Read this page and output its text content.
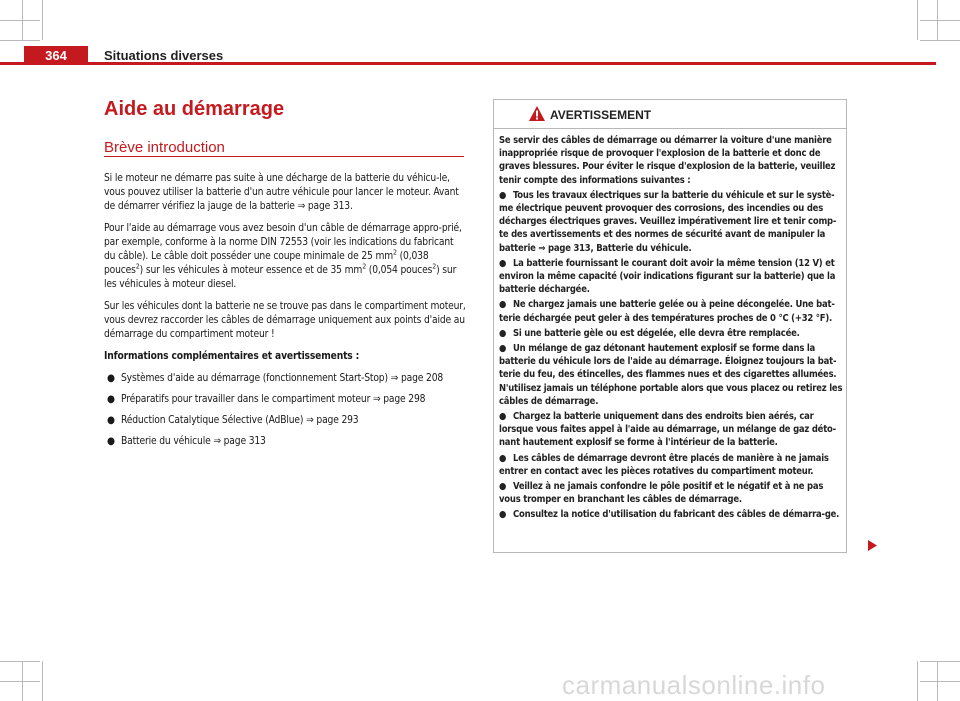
364	Situations diverses
Aide au démarrage
Brève introduction

Si le moteur ne démarre pas suite à une décharge de la batterie du véhicu-le, vous pouvez utiliser la batterie d'un autre véhicule pour lancer le moteur. Avant de démarrer vérifiez la jauge de la batterie ⇒ page 313.

Pour l'aide au démarrage vous avez besoin d'un câble de démarrage appro-prié, par exemple, conforme à la norme DIN 72553 (voir les indications du fabricant du câble). Le câble doit posséder une coupe minimale de 25 $mm^2$ (0,038 pouces$^2$) sur les véhicules à moteur essence et de 35 $mm^2$ (0,054 pouces$^2$) sur les véhicules à moteur diesel.

Sur les véhicules dont la batterie ne se trouve pas dans le compartiment moteur, vous devrez raccorder les câbles de démarrage uniquement aux points d'aide au démarrage du compartiment moteur !

Informations complémentaires et avertissements :

● Systèmes d'aide au démarrage (fonctionnement Start-Stop) ⇒ page 208
● Préparatifs pour travailler dans le compartiment moteur ⇒ page 298
● Réduction Catalytique Sélective (AdBlue) ⇒ page 293
● Batterie du véhicule ⇒ page 313
AVERTISSEMENT

Se servir des câbles de démarrage ou démarrer la voiture d'une manière inappropriée risque de provoquer l'explosion de la batterie et donc de graves blessures. Pour éviter le risque d'explosion de la batterie, veuillez tenir compte des informations suivantes :

● Tous les travaux électriques sur la batterie du véhicule et sur le systè-me électrique peuvent provoquer des corrosions, des incendies ou des décharges électriques graves. Veuillez impérativement lire et tenir comp-te des avertissements et des normes de sécurité avant de manipuler la batterie ⇒ page 313, Batterie du véhicule.
● La batterie fournissant le courant doit avoir la même tension (12 V) et environ la même capacité (voir indications figurant sur la batterie) que la batterie déchargée.
● Ne chargez jamais une batterie gelée ou à peine décongelée. Une bat-terie déchargée peut geler à des températures proches de 0 °C (+32 °F).
● Si une batterie gèle ou est dégelée, elle devra être remplacée.
● Un mélange de gaz détonant hautement explosif se forme dans la batterie du véhicule lors de l'aide au démarrage. Éloignez toujours la bat-terie du feu, des étincelles, des flammes nues et des cigarettes allumées. N'utilisez jamais un téléphone portable alors que vous placez ou retirez les câbles de démarrage.
● Chargez la batterie uniquement dans des endroits bien aérés, car lorsque vous faites appel à l'aide au démarrage, un mélange de gaz déto-nant hautement explosif se forme à l'intérieur de la batterie.
● Les câbles de démarrage devront être placés de manière à ne jamais entrer en contact avec les pièces rotatives du compartiment moteur.
● Veillez à ne jamais confondre le pôle positif et le négatif et à ne pas vous tromper en branchant les câbles de démarrage.
● Consultez la notice d'utilisation du fabricant des câbles de démarra-ge.
carmanualsonline.info
